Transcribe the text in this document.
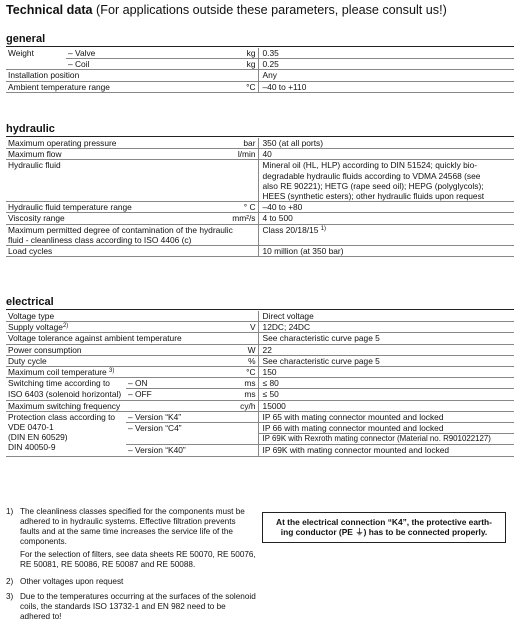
Technical data (For applications outside these parameters, please consult us!)
general
Weight	– Valve	kg	0.35
	– Coil	kg	0.25
Installation position			Any
Ambient temperature range		°C	–40 to +110
hydraulic
Maximum operating pressure	bar	350 (at all ports)
Maximum flow	l/min	40
Hydraulic fluid		Mineral oil (HL, HLP) according to DIN 51524; quickly bio-
degradable hydraulic fluids according to VDMA 24568 (see
also RE 90221); HETG (rape seed oil); HEPG (polyglycols);
HEES (synthetic esters); other hydraulic fluids upon request

Hydraulic fluid temperature range	° C	–40 to +80
Viscosity range	mm²/s	4 to 500

Maximum permitted degree of contamination of the hydraulic
fluid - cleanliness class according to ISO 4406 (c)		Class 20/18/15 $^{1)}$
Load cycles		10 million (at 350 bar)
electrical
Voltage type			Direct voltage
Supply voltage$^{2)}$		V	12DC; 24DC
Voltage tolerance against ambient temperature			See characteristic curve page 5
Power consumption		W	22
Duty cycle		%	See characteristic curve page 5
Maximum coil temperature $^{3)}$		°C	150
Switching time according to	– ON	ms	≤ 80
ISO 6403 (solenoid horizontal)	– OFF	ms	≤ 50
Maximum switching frequency		cy/h	15000

Protection class according to
VDE 0470-1
(DIN EN 60529)
DIN 40050-9	– Version “K4”		IP 65 with mating connector mounted and locked
	– Version “C4”		IP 66 with mating connector mounted and locked
			IP 69K with Rexroth mating connector (Material no. R901022127)
	– Version “K40”		IP 69K with mating connector mounted and locked
1) The cleanliness classes specified for the components must be adhered to in hydraulic systems. Effective filtration prevents faults and at the same time increases the service life of the components.
For the selection of filters, see data sheets RE 50070, RE 50076, RE 50081, RE 50086, RE 50087 and RE 50088.
2) Other voltages upon request
3) Due to the temperatures occurring at the surfaces of the solenoid coils, the standards ISO 13732-1 and EN 982 need to be adhered to!
At the electrical connection “K4”, the protective earth-
ing conductor (PE ⏚) has to be connected properly.
